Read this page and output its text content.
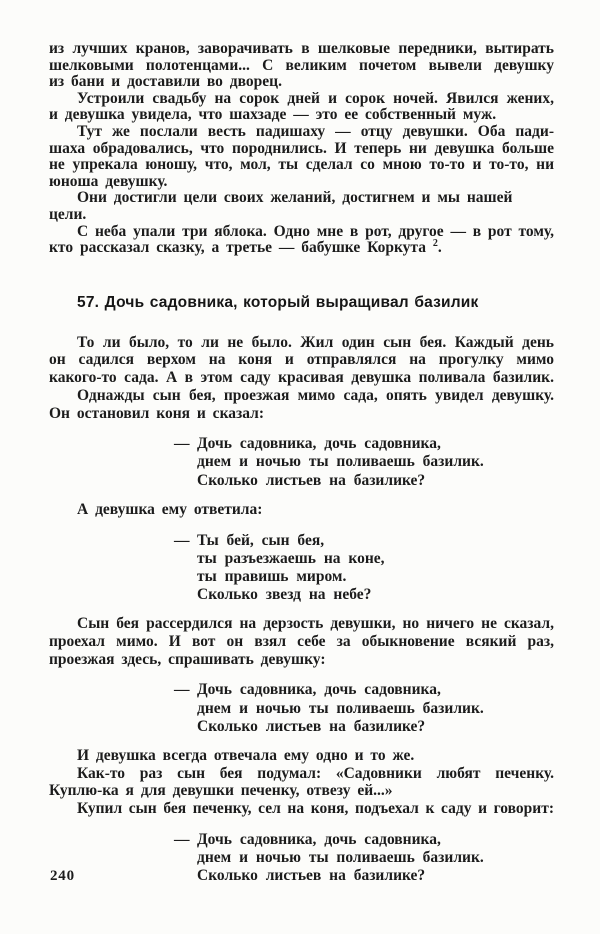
из лучших кранов, заворачивать в шелковые передники, вытирать
шелковыми полотенцами... С великим почетом вывели девушку
из бани и доставили во дворец.

Устроили свадьбу на сорок дней и сорок ночей. Явился жених,
и девушка увидела, что шахзаде — это ее собственный муж.

Тут же послали весть падишаху — отцу девушки. Оба пади-
шаха обрадовались, что породнились. И теперь ни девушка больше
не упрекала юношу, что, мол, ты сделал со мною то-то и то-то, ни
юноша девушку.

Они достигли цели своих желаний, достигнем и мы нашей цели.

С неба упали три яблока. Одно мне в рот, другое — в рот тому,
кто рассказал сказку, а третье — бабушке Коркута $^2$.

57. Дочь садовника, который выращивал базилик

То ли было, то ли не было. Жил один сын бея. Каждый день
он садился верхом на коня и отправлялся на прогулку мимо
какого-то сада. А в этом саду красивая девушка поливала базилик.

Однажды сын бея, проезжая мимо сада, опять увидел девушку.
Он остановил коня и сказал:

— Дочь садовника, дочь садовника,
днем и ночью ты поливаешь базилик.
Сколько листьев на базилике?

А девушка ему ответила:

— Ты бей, сын бея,
ты разъезжаешь на коне,
ты правишь миром.
Сколько звезд на небе?

Сын бея рассердился на дерзость девушки, но ничего не сказал,
проехал мимо. И вот он взял себе за обыкновение всякий раз,
проезжая здесь, спрашивать девушку:

— Дочь садовника, дочь садовника,
днем и ночью ты поливаешь базилик.
Сколько листьев на базилике?

И девушка всегда отвечала ему одно и то же.

Как-то раз сын бея подумал: «Садовники любят печенку.
Куплю-ка я для девушки печенку, отвезу ей...»

Купил сын бея печенку, сел на коня, подъехал к саду и говорит:

— Дочь садовника, дочь садовника,
днем и ночью ты поливаешь базилик.
Сколько листьев на базилике?
240
